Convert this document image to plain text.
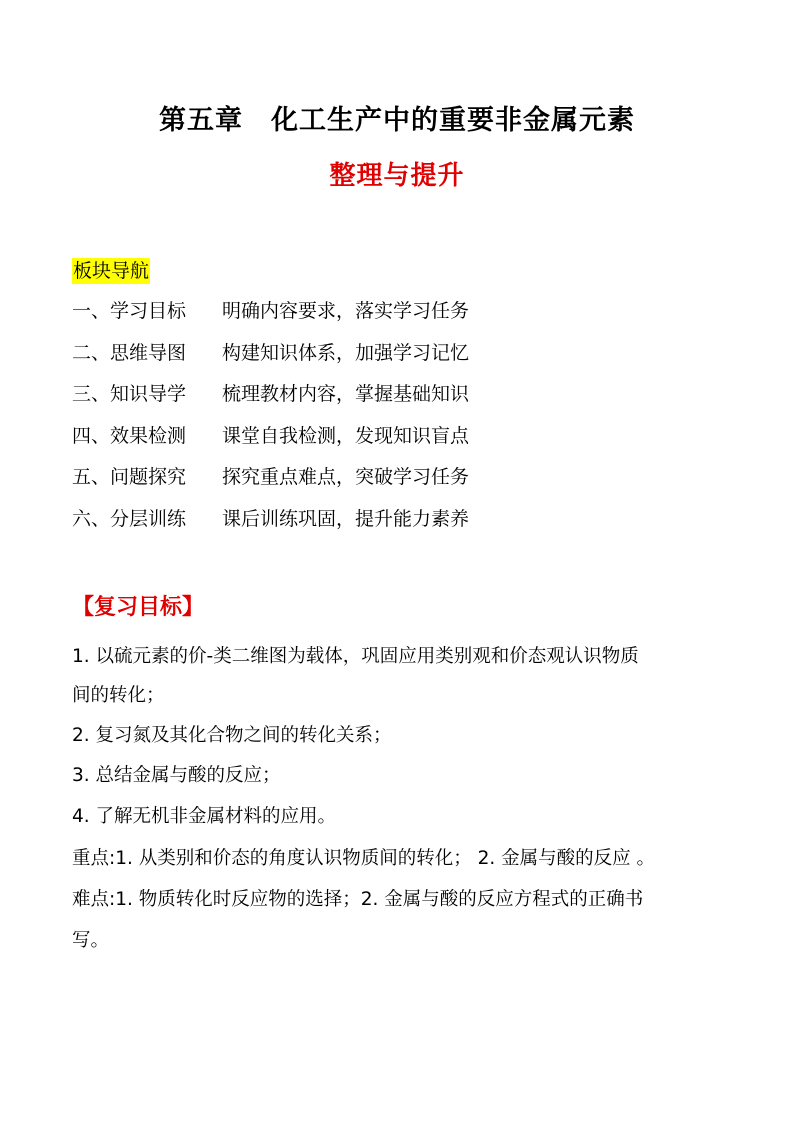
第五章　化工生产中的重要非金属元素
整理与提升
板块导航
一、学习目标 明确内容要求，落实学习任务
二、思维导图 构建知识体系，加强学习记忆
三、知识导学 梳理教材内容，掌握基础知识
四、效果检测 课堂自我检测，发现知识盲点
五、问题探究 探究重点难点，突破学习任务
六、分层训练 课后训练巩固，提升能力素养
【复习目标】
1. 以硫元素的价-类二维图为载体，巩固应用类别观和价态观认识物质
间的转化；
2. 复习氮及其化合物之间的转化关系；
3. 总结金属与酸的反应；
4. 了解无机非金属材料的应用。
重点:1. 从类别和价态的角度认识物质间的转化； 2. 金属与酸的反应 。
难点:1. 物质转化时反应物的选择；2. 金属与酸的反应方程式的正确书
写。
